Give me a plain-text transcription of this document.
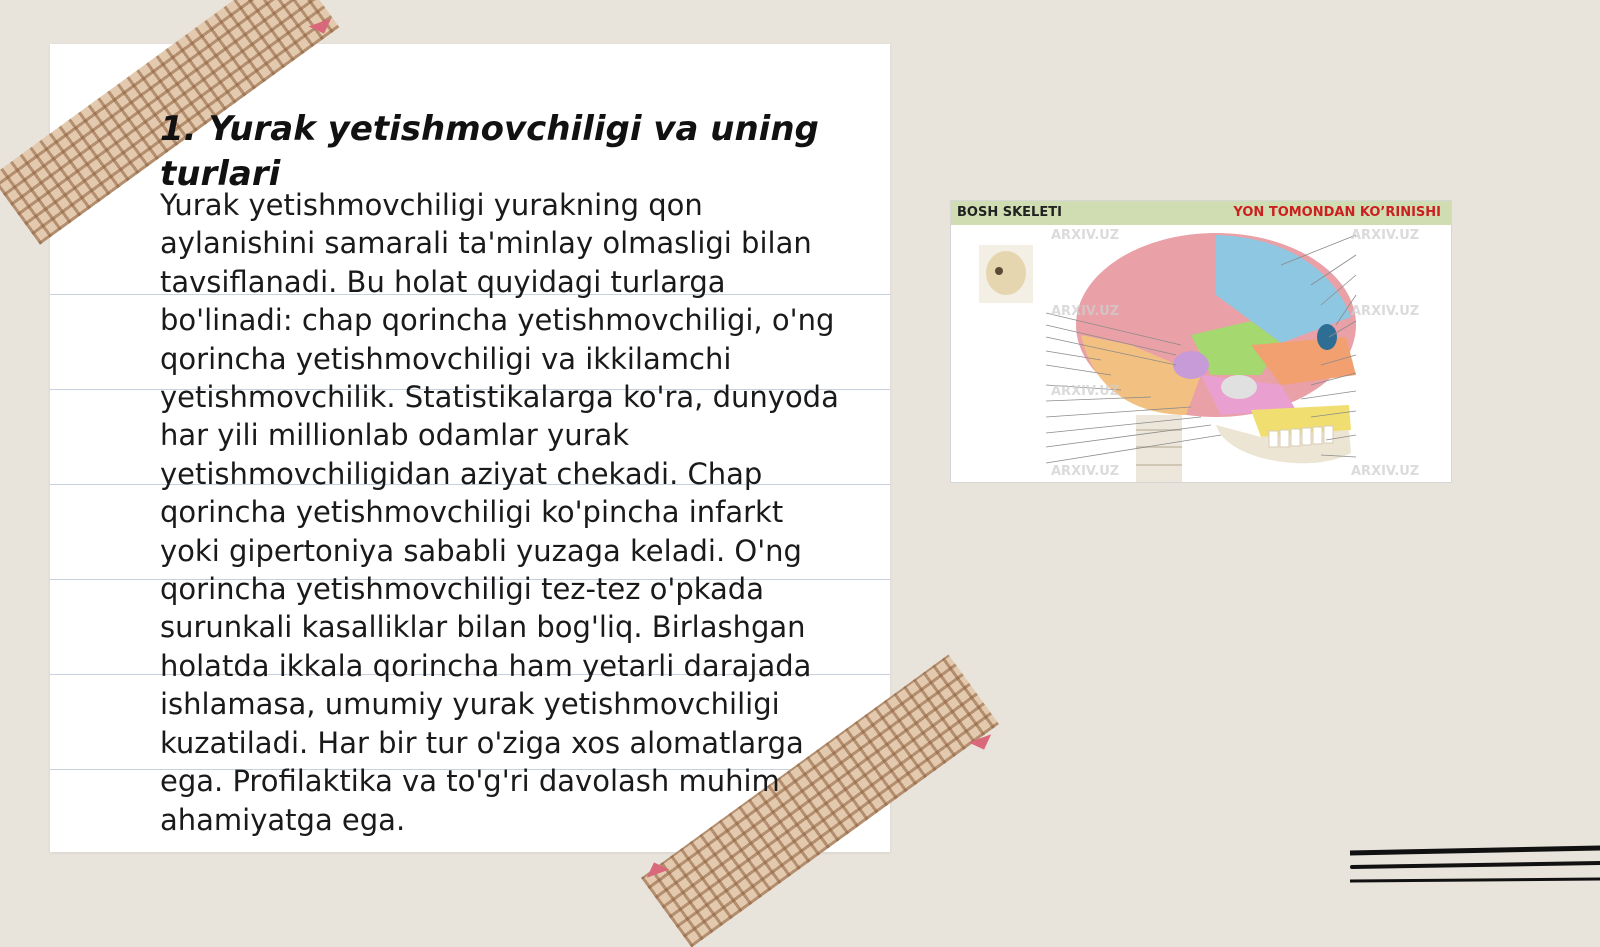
1. Yurak yetishmovchiligi va uning turlari

Yurak yetishmovchiligi yurakning qon aylanishini samarali ta'minlay olmasligi bilan tavsiflanadi. Bu holat quyidagi turlarga bo'linadi: chap qorincha yetishmovchiligi, o'ng qorincha yetishmovchiligi va ikkilamchi yetishmovchilik. Statistikalarga ko'ra, dunyoda har yili millionlab odamlar yurak yetishmovchiligidan aziyat chekadi. Chap qorincha yetishmovchiligi ko'pincha infarkt yoki gipertoniya sababli yuzaga keladi. O'ng qorincha yetishmovchiligi tez-tez o'pkada surunkali kasalliklar bilan bog'liq. Birlashgan holatda ikkala qorincha ham yetarli darajada ishlamasa, umumiy yurak yetishmovchiligi kuzatiladi. Har bir tur o'ziga xos alomatlarga ega. Profilaktika va to'g'ri davolash muhim ahamiyatga ega.

BOSH SKELETI	YON TOMONDAN KO’RINISHI
ARXIV.UZ
ARXIV.UZ
ARXIV.UZ
ARXIV.UZ
ARXIV.UZ
ARXIV.UZ
ARXIV.UZ
